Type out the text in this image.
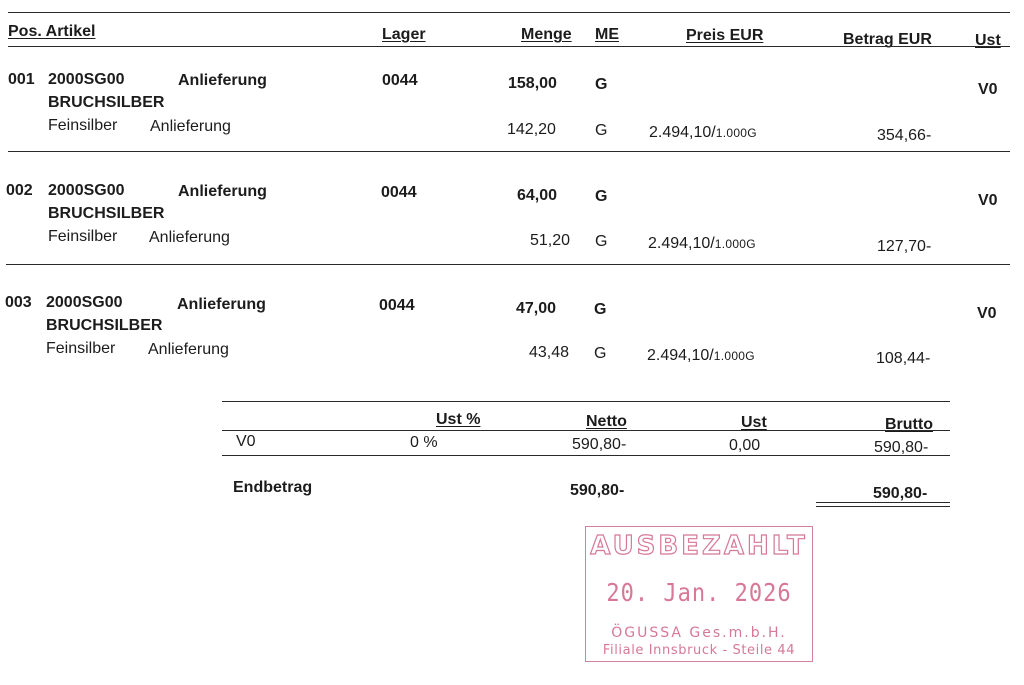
Pos. Artikel	Lager	Menge ME	Preis EUR	Betrag EUR	Ust
001 2000SG00	Anlieferung	0044	158,00 G	V0
BRUCHSILBER
Feinsilber Anlieferung	142,20 G	2.494,10/1.000G	354,66-
002 2000SG00	Anlieferung	0044	64,00 G	V0
BRUCHSILBER
Feinsilber Anlieferung	51,20 G	2.494,10/1.000G	127,70-
003 2000SG00	Anlieferung	0044	47,00 G	V0
BRUCHSILBER
Feinsilber Anlieferung	43,48 G	2.494,10/1.000G	108,44-
Ust %	Netto	Ust	Brutto
V0	0 %	590,80-	0,00	590,80-
Endbetrag	590,80-	590,80-
AUSBEZAHLT
20. Jan. 2026
ÖGUSSA Ges.m.b.H.
Filiale Innsbruck - Steile 44
